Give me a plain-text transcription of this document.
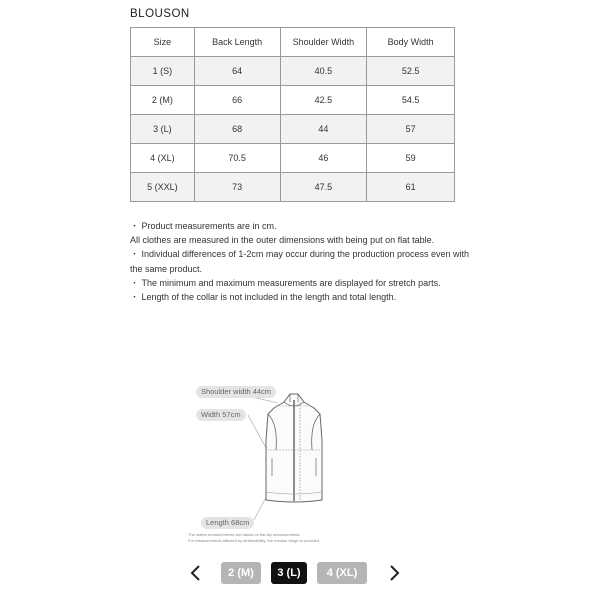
BLOUSON
Size	Back Length	Shoulder Width	Body Width
1 (S)	64	40.5	52.5
2 (M)	66	42.5	54.5
3 (L)	68	44	57
4 (XL)	70.5	46	59
5 (XXL)	73	47.5	61

・ Product measurements are in cm.

All clothes are measured in the outer dimensions with being put on flat table.

・ Individual differences of 1-2cm may occur during the production process even with the same product.

・ The minimum and maximum measurements are displayed for stretch parts.

・ Length of the collar is not included in the length and total length.

Shoulder width 44cm
Width 57cm
Length 68cm
The stated measurements are based on flat-lay measurements.
For measurements affected by stretchability, the median range is provided.
2 (M)	3 (L)	4 (XL)
